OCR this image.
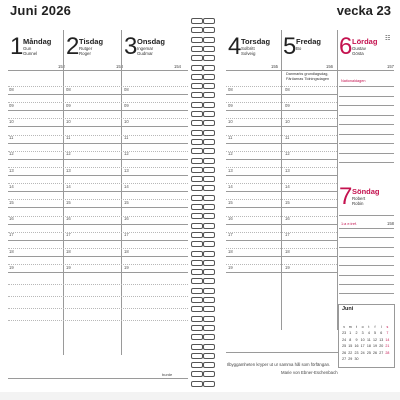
Juni 2026	vecka 23
☷
1 Måndag
Gun
Gunnel
152
2 Tisdag
Rutger
Roger
153
3 Onsdag
Ingemar
Gudmar
154
4 Torsdag
Solbritt
Solveig
155
5 Fredag
Bo
156
6 Lördag
Gustav
Gösta
157
7 Söndag
Robert
Robin
158
08	08	08	08	08
09	09	09	09	09
10	10	10	10	10
11	11	11	11	11
12	12	12	12	12
13	13	13	13	13
14	14	14	14	14
15	15	15	15	15
16	16	16	16	16
17	17	17	17	17
18	18	18	18	18
19	19	19	19	19
Danmarks grundlagsdag,
Färöarnas Tidningsdagen
Nationaldagen
1:a e.tref.
burde
Ilbyggamheten kryper ut ur samma hål som förfängan.
Marie von Ebner-Eschenbach
Juni
v m t o t f l s
23 1 2 3 4 5 6 7
24 8 9 10 11 12 13 14
25 15 16 17 18 19 20 21
26 22 23 24 25 26 27 28
27 29 30
